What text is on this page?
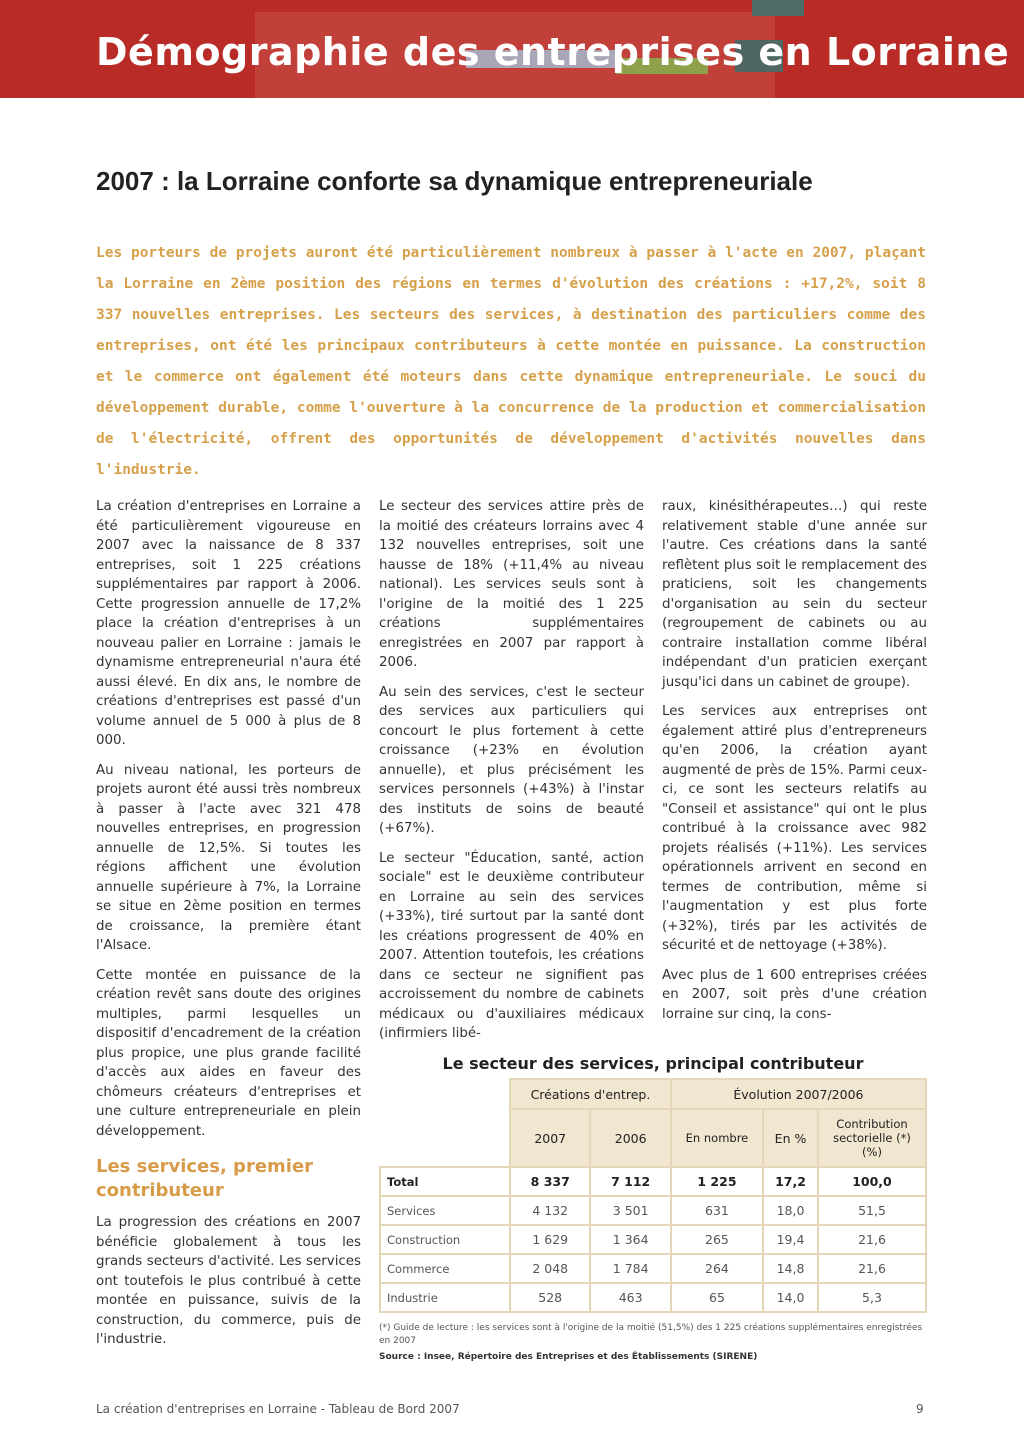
Démographie des entreprises en Lorraine
2007 : la Lorraine conforte sa dynamique entrepreneuriale

Les porteurs de projets auront été particulièrement nombreux à passer à l'acte en 2007, plaçant la Lorraine en 2ème position des régions en termes d'évolution des créations : +17,2%, soit 8 337 nouvelles entreprises. Les secteurs des services, à destination des particuliers comme des entreprises, ont été les principaux contributeurs à cette montée en puissance. La construction et le commerce ont également été moteurs dans cette dynamique entrepreneuriale. Le souci du développement durable, comme l'ouverture à la concurrence de la production et commercialisation de l'électricité, offrent des opportunités de développement d'activités nouvelles dans l'industrie.

La création d'entreprises en Lorraine a été particulièrement vigoureuse en 2007 avec la naissance de 8 337 entreprises, soit 1 225 créations supplémentaires par rapport à 2006. Cette progression annuelle de 17,2% place la création d'entreprises à un nouveau palier en Lorraine : jamais le dynamisme entrepreneurial n'aura été aussi élevé. En dix ans, le nombre de créations d'entreprises est passé d'un volume annuel de 5 000 à plus de 8 000.

Au niveau national, les porteurs de projets auront été aussi très nombreux à passer à l'acte avec 321 478 nouvelles entreprises, en progression annuelle de 12,5%. Si toutes les régions affichent une évolution annuelle supérieure à 7%, la Lorraine se situe en 2ème position en termes de croissance, la première étant l'Alsace.

Cette montée en puissance de la création revêt sans doute des origines multiples, parmi lesquelles un dispositif d'encadrement de la création plus propice, une plus grande facilité d'accès aux aides en faveur des chômeurs créateurs d'entreprises et une culture entrepreneuriale en plein développement.

Les services, premier contributeur

La progression des créations en 2007 bénéficie globalement à tous les grands secteurs d'activité. Les services ont toutefois le plus contribué à cette montée en puissance, suivis de la construction, du commerce, puis de l'industrie.

Le secteur des services attire près de la moitié des créateurs lorrains avec 4 132 nouvelles entreprises, soit une hausse de 18% (+11,4% au niveau national). Les services seuls sont à l'origine de la moitié des 1 225 créations supplémentaires enregistrées en 2007 par rapport à 2006.

Au sein des services, c'est le secteur des services aux particuliers qui concourt le plus fortement à cette croissance (+23% en évolution annuelle), et plus précisément les services personnels (+43%) à l'instar des instituts de soins de beauté (+67%).

Le secteur "Éducation, santé, action sociale" est le deuxième contributeur en Lorraine au sein des services (+33%), tiré surtout par la santé dont les créations progressent de 40% en 2007. Attention toutefois, les créations dans ce secteur ne signifient pas accroissement du nombre de cabinets médicaux ou d'auxiliaires médicaux (infirmiers libé-

raux, kinésithérapeutes…) qui reste relativement stable d'une année sur l'autre. Ces créations dans la santé reflètent plus soit le remplacement des praticiens, soit les changements d'organisation au sein du secteur (regroupement de cabinets ou au contraire installation comme libéral indépendant d'un praticien exerçant jusqu'ici dans un cabinet de groupe).

Les services aux entreprises ont également attiré plus d'entrepreneurs qu'en 2006, la création ayant augmenté de près de 15%. Parmi ceux-ci, ce sont les secteurs relatifs au "Conseil et assistance" qui ont le plus contribué à la croissance avec 982 projets réalisés (+11%). Les services opérationnels arrivent en second en termes de contribution, même si l'augmentation y est plus forte (+32%), tirés par les activités de sécurité et de nettoyage (+38%).

Avec plus de 1 600 entreprises créées en 2007, soit près d'une création lorraine sur cinq, la cons-

Le secteur des services, principal contributeur
	Créations d'entrep.		Évolution 2007/2006		
	2007	2006	En nombre	En %	Contribution sectorielle (*) (%)
Total	8 337	7 112	1 225	17,2	100,0
Services	4 132	3 501	631	18,0	51,5
Construction	1 629	1 364	265	19,4	21,6
Commerce	2 048	1 784	264	14,8	21,6
Industrie	528	463	65	14,0	5,3

(*) Guide de lecture : les services sont à l'origine de la moitié (51,5%) des 1 225 créations supplémentaires enregistrées en 2007

Source : Insee, Répertoire des Entreprises et des Établissements (SIRENE)

La création d'entreprises en Lorraine - Tableau de Bord 2007	9
